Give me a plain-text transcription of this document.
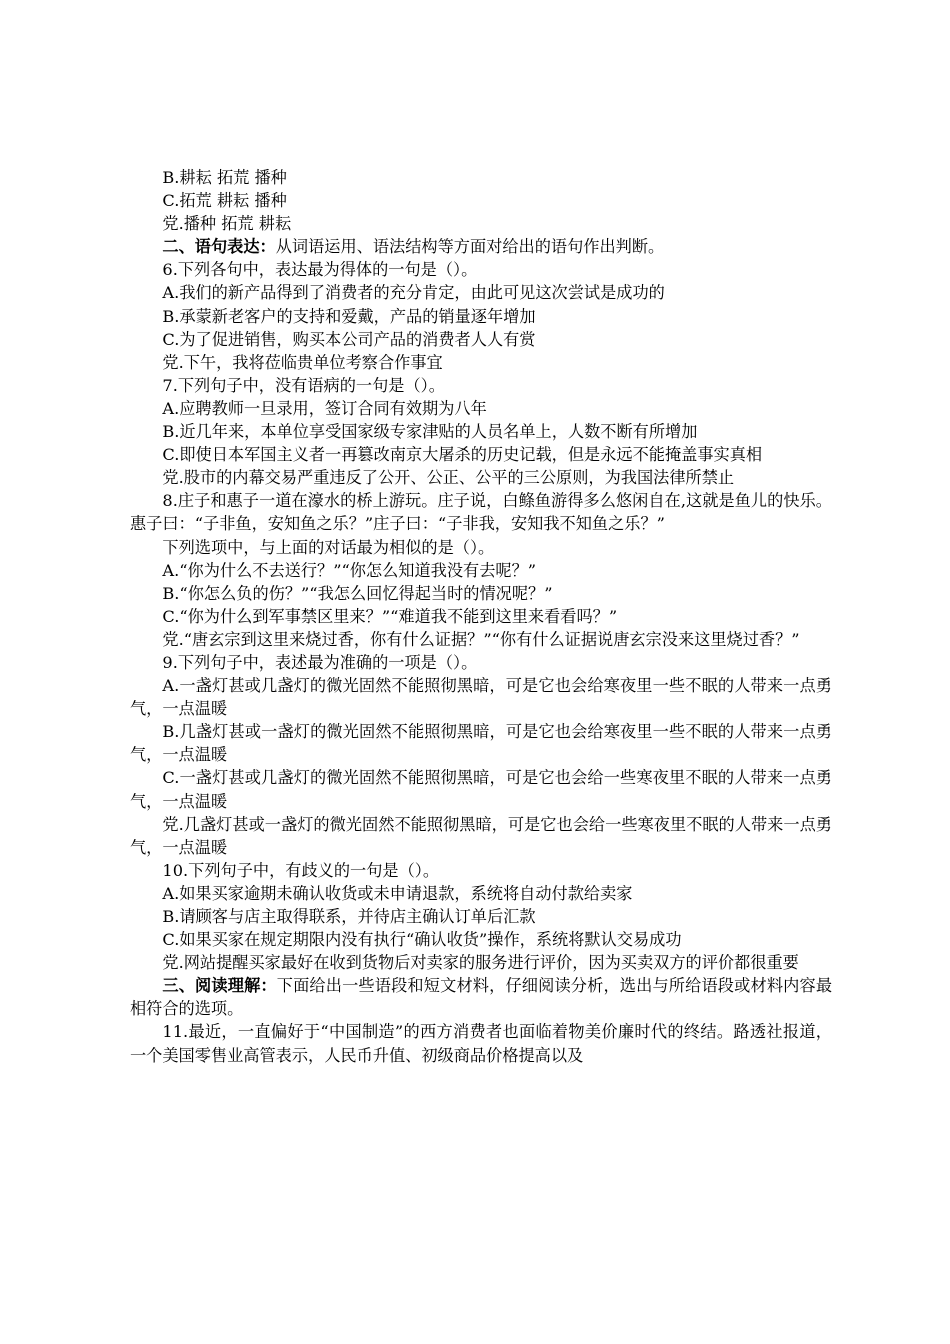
B.耕耘 拓荒 播种

C.拓荒 耕耘 播种

党.播种 拓荒 耕耘

二、语句表达：从词语运用、语法结构等方面对给出的语句作出判断。

6.下列各句中，表达最为得体的一句是（）。

A.我们的新产品得到了消费者的充分肯定，由此可见这次尝试是成功的

B.承蒙新老客户的支持和爱戴，产品的销量逐年增加

C.为了促进销售，购买本公司产品的消费者人人有赏

党.下午，我将莅临贵单位考察合作事宜

7.下列句子中，没有语病的一句是（）。

A.应聘教师一旦录用，签订合同有效期为八年

B.近几年来，本单位享受国家级专家津贴的人员名单上，人数不断有所增加

C.即使日本军国主义者一再篡改南京大屠杀的历史记载，但是永远不能掩盖事实真相

党.股市的内幕交易严重违反了公开、公正、公平的三公原则，为我国法律所禁止

8.庄子和惠子一道在濠水的桥上游玩。庄子说，白鲦鱼游得多么悠闲自在,这就是鱼儿的快乐。惠子曰：“子非鱼，安知鱼之乐？”庄子曰：“子非我，安知我不知鱼之乐？”

下列选项中，与上面的对话最为相似的是（）。

A.“你为什么不去送行？”“你怎么知道我没有去呢？”

B.“你怎么负的伤？”“我怎么回忆得起当时的情况呢？”

C.“你为什么到军事禁区里来？”“难道我不能到这里来看看吗？”

党.“唐玄宗到这里来烧过香，你有什么证据？”“你有什么证据说唐玄宗没来这里烧过香？”

9.下列句子中，表述最为准确的一项是（）。

A.一盏灯甚或几盏灯的微光固然不能照彻黑暗，可是它也会给寒夜里一些不眠的人带来一点勇气，一点温暖

B.几盏灯甚或一盏灯的微光固然不能照彻黑暗，可是它也会给寒夜里一些不眠的人带来一点勇气，一点温暖

C.一盏灯甚或几盏灯的微光固然不能照彻黑暗，可是它也会给一些寒夜里不眠的人带来一点勇气，一点温暖

党.几盏灯甚或一盏灯的微光固然不能照彻黑暗，可是它也会给一些寒夜里不眠的人带来一点勇气，一点温暖

10.下列句子中，有歧义的一句是（）。

A.如果买家逾期未确认收货或未申请退款，系统将自动付款给卖家

B.请顾客与店主取得联系，并待店主确认订单后汇款

C.如果买家在规定期限内没有执行“确认收货”操作，系统将默认交易成功

党.网站提醒买家最好在收到货物后对卖家的服务进行评价，因为买卖双方的评价都很重要

三、阅读理解：下面给出一些语段和短文材料，仔细阅读分析，选出与所给语段或材料内容最相符合的选项。

11.最近，一直偏好于“中国制造”的西方消费者也面临着物美价廉时代的终结。路透社报道，一个美国零售业高管表示，人民币升值、初级商品价格提高以及
